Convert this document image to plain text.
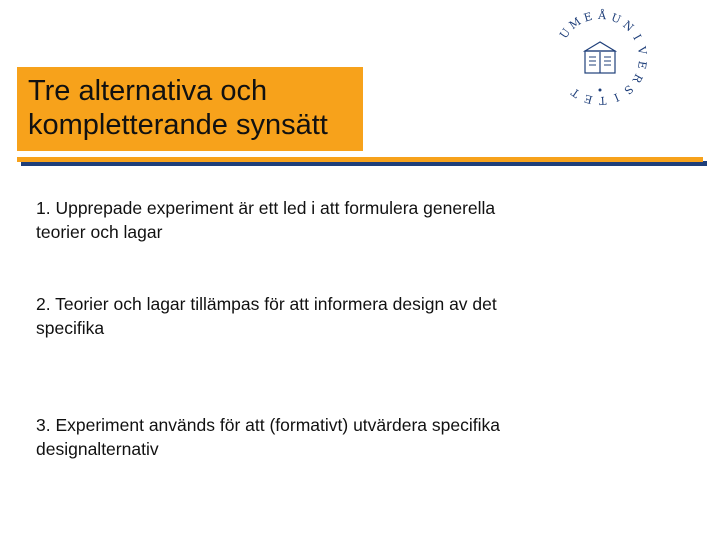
Tre alternativa och
kompletterande synsätt
U
M
E Å U
N
I
V
E
R
S
I
T
E
T

1. Upprepade experiment är ett led i att formulera generella
teorier och lagar

2. Teorier och lagar tillämpas för att informera design av det
specifika

3. Experiment används för att (formativt) utvärdera specifika
designalternativ
